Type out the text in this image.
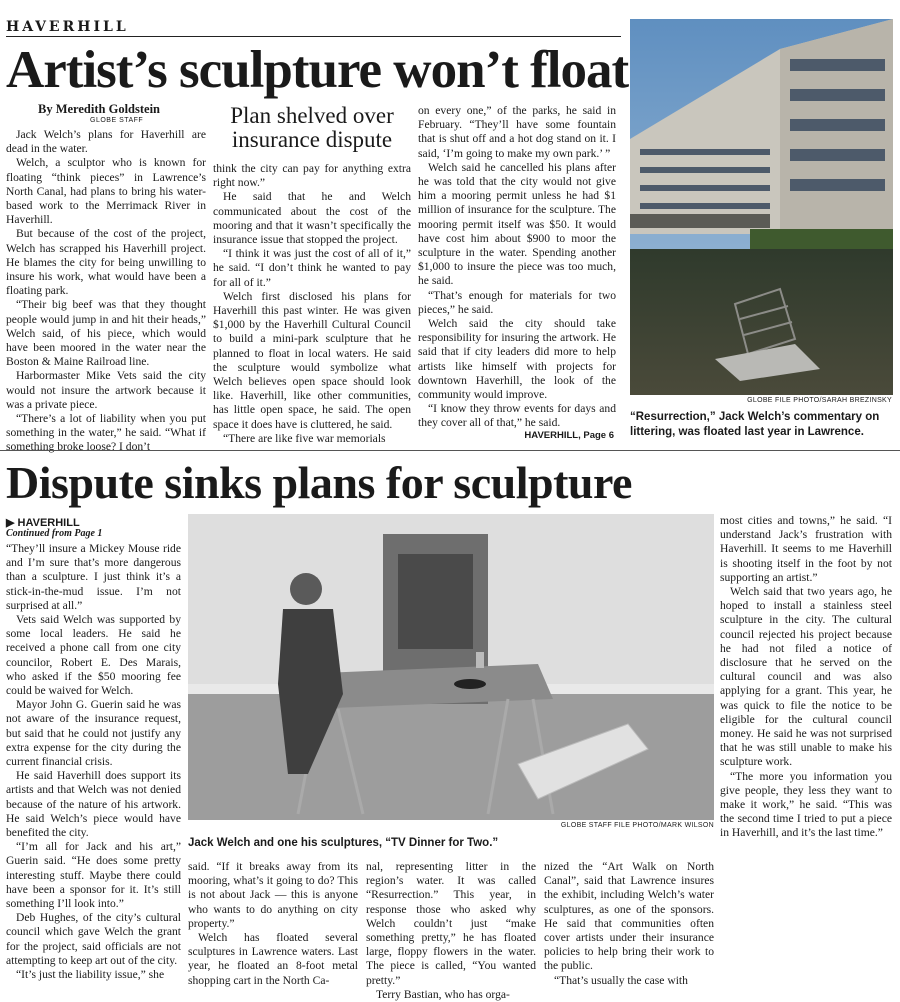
HAVERHILL
Artist’s sculpture won’t float
By Meredith Goldstein
GLOBE STAFF

Jack Welch’s plans for Haverhill are dead in the water.

Welch, a sculptor who is known for floating “think pieces” in Lawrence’s North Canal, had plans to bring his water-based work to the Merrimack River in Haverhill.

But because of the cost of the project, Welch has scrapped his Haverhill project. He blames the city for being unwilling to insure his work, what would have been a floating park.

“Their big beef was that they thought people would jump in and hit their heads,” Welch said, of his piece, which would have been moored in the water near the Boston & Maine Railroad line.

Harbormaster Mike Vets said the city would not insure the artwork because it was a private piece.

“There’s a lot of liability when you put something in the water,” he said. “What if something broke loose? I don’t

Plan shelved over insurance dispute

think the city can pay for anything extra right now.”

He said that he and Welch communicated about the cost of the mooring and that it wasn’t specifically the insurance issue that stopped the project.

“I think it was just the cost of all of it,” he said. “I don’t think he wanted to pay for all of it.”

Welch first disclosed his plans for Haverhill this past winter. He was given $1,000 by the Haverhill Cultural Council to build a mini-park sculpture that he planned to float in local waters. He said the sculpture would symbolize what Welch believes open space should look like. Haverhill, like other communities, has little open space, he said. The open space it does have is cluttered, he said.

“There are like five war memorials

on every one,” of the parks, he said in February. “They’ll have some fountain that is shut off and a hot dog stand on it. I said, ‘I’m going to make my own park.’ ”

Welch said he cancelled his plans after he was told that the city would not give him a mooring permit unless he had $1 million of insurance for the sculpture. The mooring permit itself was $50. It would have cost him about $900 to moor the sculpture in the water. Spending another $1,000 to insure the piece was too much, he said.

“That’s enough for materials for two pieces,” he said.

Welch said the city should take responsibility for insuring the artwork. He said that if city leaders did more to help artists like himself with projects for downtown Haverhill, the look of the community would improve.

“I know they throw events for days and they cover all of that,” he said.

HAVERHILL, Page 6
GLOBE FILE PHOTO/SARAH BREZINSKY
“Resurrection,” Jack Welch’s commentary on littering, was floated last year in Lawrence.
Dispute sinks plans for sculpture
▶ HAVERHILL
Continued from Page 1

“They’ll insure a Mickey Mouse ride and I’m sure that’s more dangerous than a sculpture. I just think it’s a stick-in-the-mud issue. I’m not surprised at all.”

Vets said Welch was supported by some local leaders. He said he received a phone call from one city councilor, Robert E. Des Marais, who asked if the $50 mooring fee could be waived for Welch.

Mayor John G. Guerin said he was not aware of the insurance request, but said that he could not justify any extra expense for the city during the current financial crisis.

He said Haverhill does support its artists and that Welch was not denied because of the nature of his artwork. He said Welch’s piece would have benefited the city.

“I’m all for Jack and his art,” Guerin said. “He does some pretty interesting stuff. Maybe there could have been a sponsor for it. It’s still something I’ll look into.”

Deb Hughes, of the city’s cultural council which gave Welch the grant for the project, said officials are not attempting to keep art out of the city.

“It’s just the liability issue,” she

GLOBE STAFF FILE PHOTO/MARK WILSON
Jack Welch and one his sculptures, “TV Dinner for Two.”

most cities and towns,” he said. “I understand Jack’s frustration with Haverhill. It seems to me Haverhill is shooting itself in the foot by not supporting an artist.”

Welch said that two years ago, he hoped to install a stainless steel sculpture in the city. The cultural council rejected his project because he had not filed a notice of disclosure that he served on the cultural council and was also applying for a grant. This year, he was quick to file the notice to be eligible for the cultural council money. He said he was not surprised that he was still unable to make his sculpture work.

“The more you information you give people, they less they want to make it work,” he said. “This was the second time I tried to put a piece in Haverhill, and it’s the last time.”

said. “If it breaks away from its mooring, what’s it going to do? This is not about Jack — this is anyone who wants to do anything on city property.”

Welch has floated several sculptures in Lawrence waters. Last year, he floated an 8-foot metal shopping cart in the North Ca-

nal, representing litter in the region’s water. It was called “Resurrection.” This year, in response those who asked why Welch couldn’t just “make something pretty,” he has floated large, floppy flowers in the water. The piece is called, “You wanted pretty.”

Terry Bastian, who has orga-

nized the “Art Walk on North Canal”, said that Lawrence insures the exhibit, including Welch’s water sculptures, as one of the sponsors. He said that communities often cover artists under their insurance policies to help bring their work to the public.

“That’s usually the case with
